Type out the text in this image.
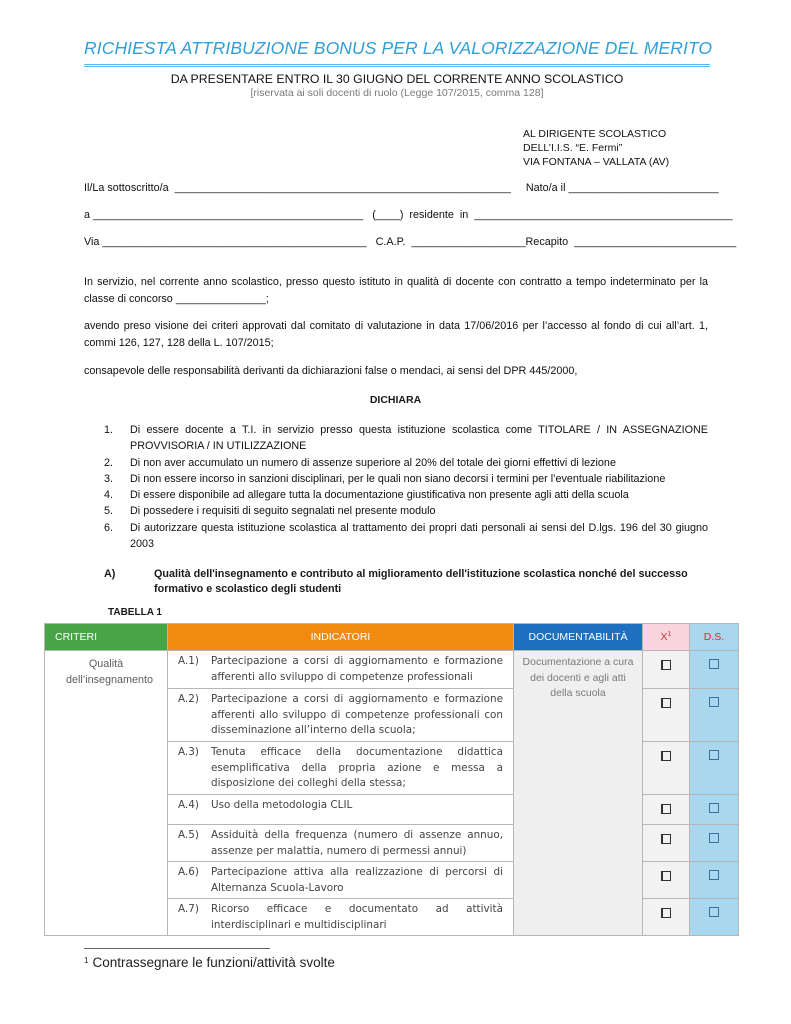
RICHIESTA ATTRIBUZIONE BONUS PER LA VALORIZZAZIONE DEL MERITO
DA PRESENTARE ENTRO IL 30 GIUGNO DEL CORRENTE ANNO SCOLASTICO
[riservata ai soli docenti di ruolo (Legge 107/2015, comma 128]
AL DIRIGENTE SCOLASTICO
DELL’I.I.S. “E. Fermi”
VIA FONTANA – VALLATA (AV)
Il/La sottoscritto/a  ________________________________________________________     Nato/a il _________________________
a _____________________________________________   (____)  residente  in  ___________________________________________
Via ____________________________________________   C.A.P.  ___________________Recapito  ___________________________
In servizio, nel corrente anno scolastico, presso questo istituto in qualità di docente con contratto a tempo indeterminato per la classe di concorso _______________;
avendo preso visione dei criteri approvati dal comitato di valutazione in data 17/06/2016 per l’accesso al fondo di cui all’art. 1, commi 126, 127, 128 della L. 107/2015;
consapevole delle responsabilità derivanti da dichiarazioni false o mendaci, ai sensi del DPR 445/2000,
DICHIARA
1.	Di essere docente a T.I. in servizio presso questa istituzione scolastica come TITOLARE / IN ASSEGNAZIONE PROVVISORIA / IN UTILIZZAZIONE
2.	Di non aver accumulato un numero di assenze superiore al 20% del totale dei giorni effettivi di lezione
3.	Di non essere incorso in sanzioni disciplinari, per le quali non siano decorsi i termini per l’eventuale riabilitazione
4.	Di essere disponibile ad allegare tutta la documentazione giustificativa non presente agli atti della scuola
5.	Di possedere i requisiti di seguito segnalati nel presente modulo
6.	Di autorizzare questa istituzione scolastica al trattamento dei propri dati personali ai sensi del D.lgs. 196 del 30 giugno 2003
A)	Qualità dell'insegnamento e contributo al miglioramento dell'istituzione scolastica nonché del successo formativo e scolastico degli studenti
TABELLA 1
CRITERI	INDICATORI	DOCUMENTABILITÀ	$X^1$	D.S.

Qualità dell’insegnamento	A.1) Partecipazione a corsi di aggiornamento e formazione afferenti allo sviluppo di competenze professionali	Documentazione a cura dei docenti e agli atti della scuola		

	A.2) Partecipazione a corsi di aggiornamento e formazione afferenti allo sviluppo di competenze professionali con disseminazione all’interno della scuola;			

	A.3) Tenuta efficace della documentazione didattica esemplificativa della propria azione e messa a disposizione dei colleghi della stessa;			

	A.4) Uso della metodologia CLIL			

	A.5) Assiduità della frequenza (numero di assenze annuo, assenze per malattia, numero di permessi annui)			

	A.6) Partecipazione attiva alla realizzazione di percorsi di Alternanza Scuola-Lavoro			

	A.7) Ricorso efficace e documentato ad attività interdisciplinari e multidisciplinari			

$^1$ Contrassegnare le funzioni/attività svolte
